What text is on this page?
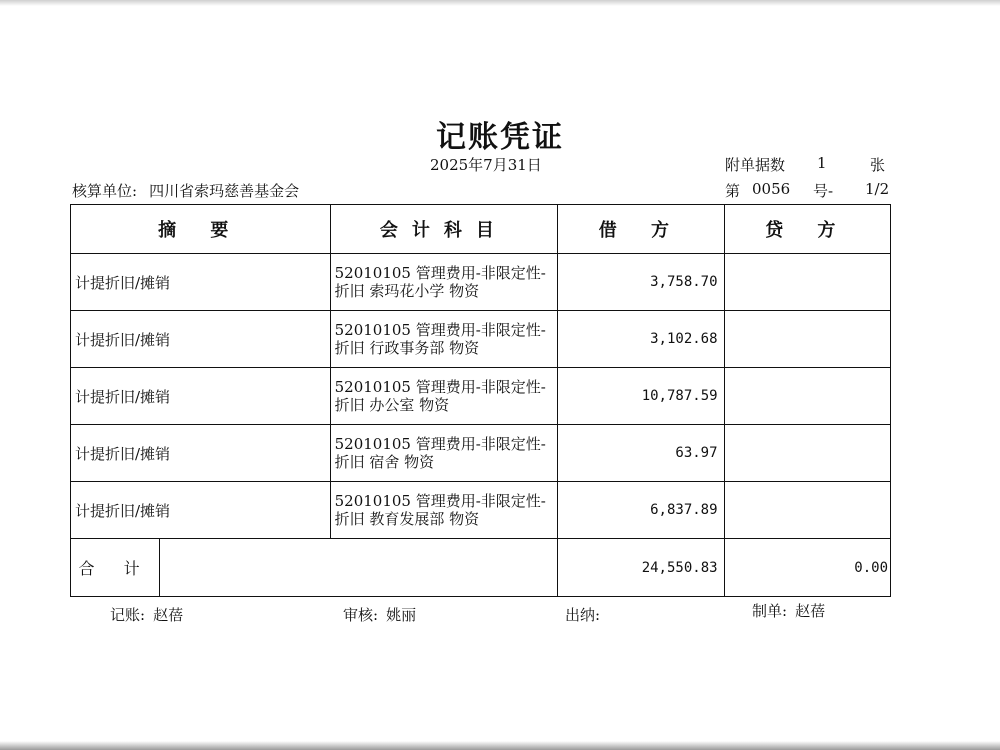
记账凭证
2025年7月31日	附单据数 1	张
核算单位: 四川省索玛慈善基金会	第 0056 号- 1/2
摘 要		会计科目	借 方	贷 方
计提折旧/摊销		52010105 管理费用-非限定性-
折旧 索玛花小学 物资	3,758.70	
计提折旧/摊销		52010105 管理费用-非限定性-
折旧 行政事务部 物资	3,102.68	
计提折旧/摊销		52010105 管理费用-非限定性-
折旧 办公室 物资	10,787.59	
计提折旧/摊销		52010105 管理费用-非限定性-
折旧 宿舍 物资	63.97	
计提折旧/摊销		52010105 管理费用-非限定性-
折旧 教育发展部 物资	6,837.89	
合 计			24,550.83	0.00
记账: 赵蓓	审核: 姚丽	出纳:	制单: 赵蓓
